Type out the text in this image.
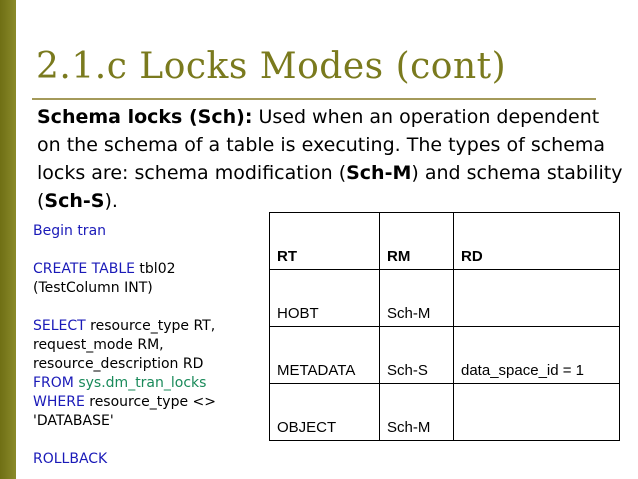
2.1.c Locks Modes (cont)
Schema locks (Sch): Used when an operation dependent on the schema of a table is executing. The types of schema locks are: schema modification (Sch-M) and schema stability (Sch-S).
Begin tran
CREATE TABLE tbl02
(TestColumn INT)
SELECT resource_type RT,
request_mode RM,
resource_description RD
FROM sys.dm_tran_locks
WHERE resource_type <>
'DATABASE'
ROLLBACK
RT	RM	RD
HOBT	Sch-M	
METADATA	Sch-S	data_space_id = 1
OBJECT	Sch-M	
